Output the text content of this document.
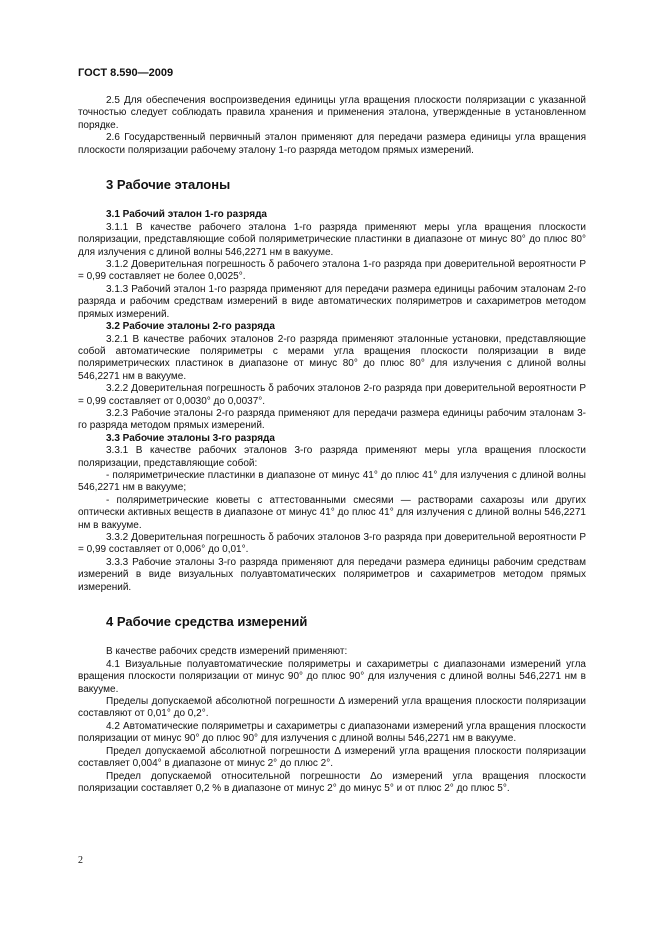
ГОСТ 8.590—2009

2.5 Для обеспечения воспроизведения единицы угла вращения плоскости поляризации с указанной точностью следует соблюдать правила хранения и применения эталона, утвержденные в установленном порядке.

2.6 Государственный первичный эталон применяют для передачи размера единицы угла вращения плоскости поляризации рабочему эталону 1-го разряда методом прямых измерений.

3 Рабочие эталоны
3.1 Рабочий эталон 1-го разряда

3.1.1 В качестве рабочего эталона 1-го разряда применяют меры угла вращения плоскости поляризации, представляющие собой поляриметрические пластинки в диапазоне от минус 80° до плюс 80° для излучения с длиной волны 546,2271 нм в вакууме.

3.1.2 Доверительная погрешность δ рабочего эталона 1-го разряда при доверительной вероятности P = 0,99 составляет не более 0,0025°.

3.1.3 Рабочий эталон 1-го разряда применяют для передачи размера единицы рабочим эталонам 2-го разряда и рабочим средствам измерений в виде автоматических поляриметров и сахариметров методом прямых измерений.

3.2 Рабочие эталоны 2-го разряда

3.2.1 В качестве рабочих эталонов 2-го разряда применяют эталонные установки, представляющие собой автоматические поляриметры с мерами угла вращения плоскости поляризации в виде поляриметрических пластинок в диапазоне от минус 80° до плюс 80° для излучения с длиной волны 546,2271 нм в вакууме.

3.2.2 Доверительная погрешность δ рабочих эталонов 2-го разряда при доверительной вероятности P = 0,99 составляет от 0,0030° до 0,0037°.

3.2.3 Рабочие эталоны 2-го разряда применяют для передачи размера единицы рабочим эталонам 3-го разряда методом прямых измерений.

3.3 Рабочие эталоны 3-го разряда

3.3.1 В качестве рабочих эталонов 3-го разряда применяют меры угла вращения плоскости поляризации, представляющие собой:

- поляриметрические пластинки в диапазоне от минус 41° до плюс 41° для излучения с длиной волны 546,2271 нм в вакууме;

- поляриметрические кюветы с аттестованными смесями — растворами сахарозы или других оптически активных веществ в диапазоне от минус 41° до плюс 41° для излучения с длиной волны 546,2271 нм в вакууме.

3.3.2 Доверительная погрешность δ рабочих эталонов 3-го разряда при доверительной вероятности P = 0,99 составляет от 0,006° до 0,01°.

3.3.3 Рабочие эталоны 3-го разряда применяют для передачи размера единицы рабочим средствам измерений в виде визуальных полуавтоматических поляриметров и сахариметров методом прямых измерений.

4 Рабочие средства измерений

В качестве рабочих средств измерений применяют:

4.1 Визуальные полуавтоматические поляриметры и сахариметры с диапазонами измерений угла вращения плоскости поляризации от минус 90° до плюс 90° для излучения с длиной волны 546,2271 нм в вакууме.

Пределы допускаемой абсолютной погрешности Δ измерений угла вращения плоскости поляризации составляют от 0,01° до 0,2°.

4.2 Автоматические поляриметры и сахариметры с диапазонами измерений угла вращения плоскости поляризации от минус 90° до плюс 90° для излучения с длиной волны 546,2271 нм в вакууме.

Предел допускаемой абсолютной погрешности Δ измерений угла вращения плоскости поляризации составляет 0,004° в диапазоне от минус 2° до плюс 2°.

Предел допускаемой относительной погрешности Δo измерений угла вращения плоскости поляризации составляет 0,2 % в диапазоне от минус 2° до минус 5° и от плюс 2° до плюс 5°.

2
